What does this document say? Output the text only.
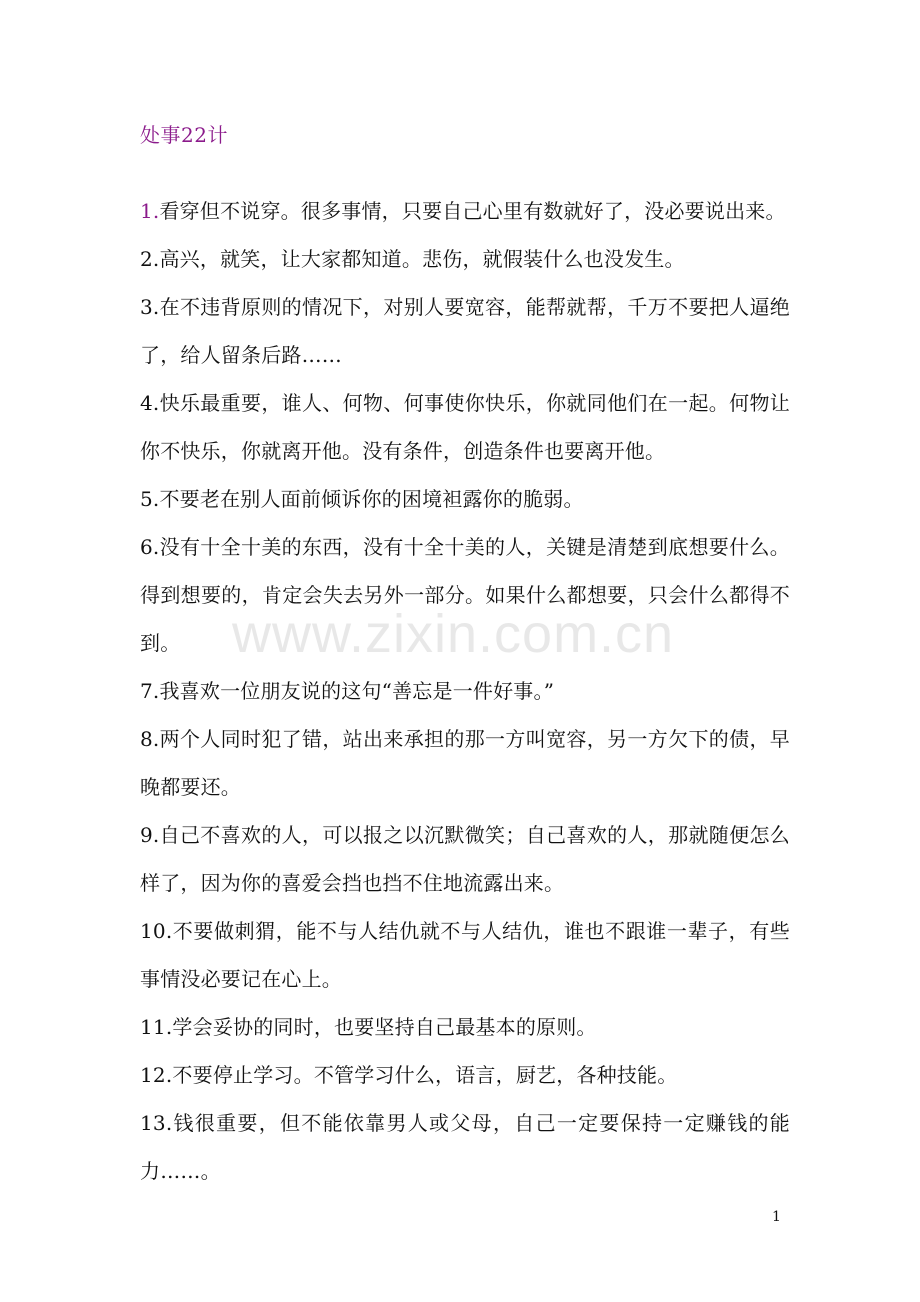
处事22计

1.看穿但不说穿。很多事情，只要自己心里有数就好了，没必要说出来。

2.高兴，就笑，让大家都知道。悲伤，就假装什么也没发生。

3.在不违背原则的情况下，对别人要宽容，能帮就帮，千万不要把人逼绝了，给人留条后路……

4.快乐最重要，谁人、何物、何事使你快乐，你就同他们在一起。何物让你不快乐，你就离开他。没有条件，创造条件也要离开他。

5.不要老在别人面前倾诉你的困境袒露你的脆弱。

6.没有十全十美的东西，没有十全十美的人，关键是清楚到底想要什么。得到想要的，肯定会失去另外一部分。如果什么都想要，只会什么都得不到。

7.我喜欢一位朋友说的这句“善忘是一件好事。”

8.两个人同时犯了错，站出来承担的那一方叫宽容，另一方欠下的债，早晚都要还。

9.自己不喜欢的人，可以报之以沉默微笑；自己喜欢的人，那就随便怎么样了，因为你的喜爱会挡也挡不住地流露出来。

10.不要做刺猬，能不与人结仇就不与人结仇，谁也不跟谁一辈子，有些事情没必要记在心上。

11.学会妥协的同时，也要坚持自己最基本的原则。

12.不要停止学习。不管学习什么，语言，厨艺，各种技能。

13.钱很重要，但不能依靠男人或父母，自己一定要保持一定赚钱的能力……。

www.zixin.com.cn
1
